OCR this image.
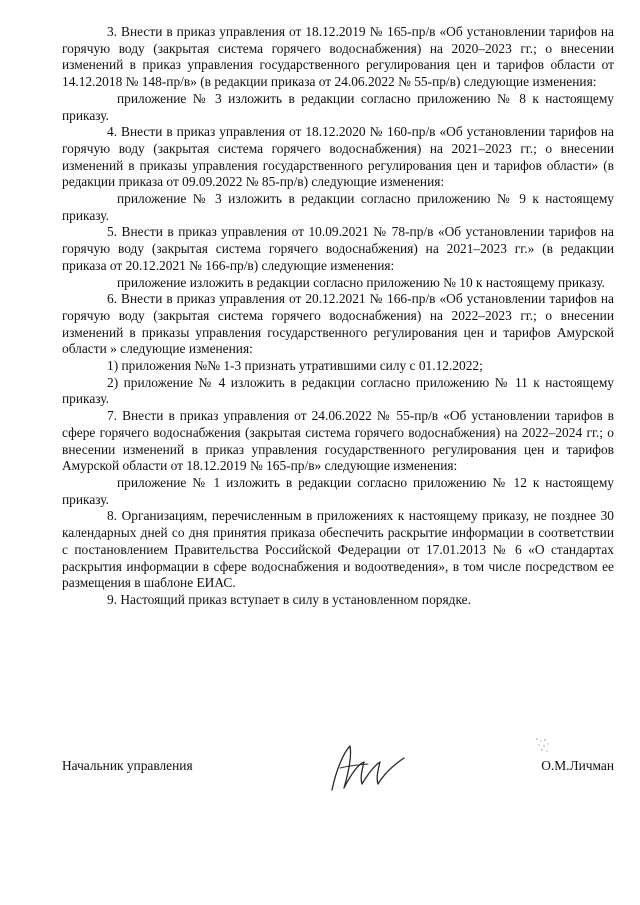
3. Внести в приказ управления от 18.12.2019 № 165-пр/в «Об установлении тарифов на горячую воду (закрытая система горячего водоснабжения) на 2020–2023 гг.; о внесении изменений в приказ управления государственного регулирования цен и тарифов области от 14.12.2018 № 148-пр/в» (в редакции приказа от 24.06.2022 № 55-пр/в) следующие изменения:

приложение № 3 изложить в редакции согласно приложению № 8 к настоящему приказу.

4. Внести в приказ управления от 18.12.2020 № 160-пр/в «Об установлении тарифов на горячую воду (закрытая система горячего водоснабжения) на 2021–2023 гг.; о внесении изменений в приказы управления государственного регулирования цен и тарифов области» (в редакции приказа от 09.09.2022 № 85-пр/в) следующие изменения:

приложение № 3 изложить в редакции согласно приложению № 9 к настоящему приказу.

5. Внести в приказ управления от 10.09.2021 № 78-пр/в «Об установлении тарифов на горячую воду (закрытая система горячего водоснабжения) на 2021–2023 гг.» (в редакции приказа от 20.12.2021 № 166-пр/в) следующие изменения:

приложение изложить в редакции согласно приложению № 10 к настоящему приказу.

6. Внести в приказ управления от 20.12.2021 № 166-пр/в «Об установлении тарифов на горячую воду (закрытая система горячего водоснабжения) на 2022–2023 гг.; о внесении изменений в приказы управления государственного регулирования цен и тарифов Амурской области » следующие изменения:

1) приложения №№ 1-3 признать утратившими силу с 01.12.2022;

2) приложение № 4 изложить в редакции согласно приложению № 11 к настоящему приказу.

7. Внести в приказ управления от 24.06.2022 № 55-пр/в «Об установлении тарифов в сфере горячего водоснабжения (закрытая система горячего водоснабжения) на 2022–2024 гг.; о внесении изменений в приказ управления государственного регулирования цен и тарифов Амурской области от 18.12.2019 № 165-пр/в» следующие изменения:

приложение № 1 изложить в редакции согласно приложению № 12 к настоящему приказу.

8. Организациям, перечисленным в приложениях к настоящему приказу, не позднее 30 календарных дней со дня принятия приказа обеспечить раскрытие информации в соответствии с постановлением Правительства Российской Федерации от 17.01.2013 № 6 «О стандартах раскрытия информации в сфере водоснабжения и водоотведения», в том числе посредством ее размещения в шаблоне ЕИАС.

9. Настоящий приказ вступает в силу в установленном порядке.

Начальник управления	О.М.Личман
